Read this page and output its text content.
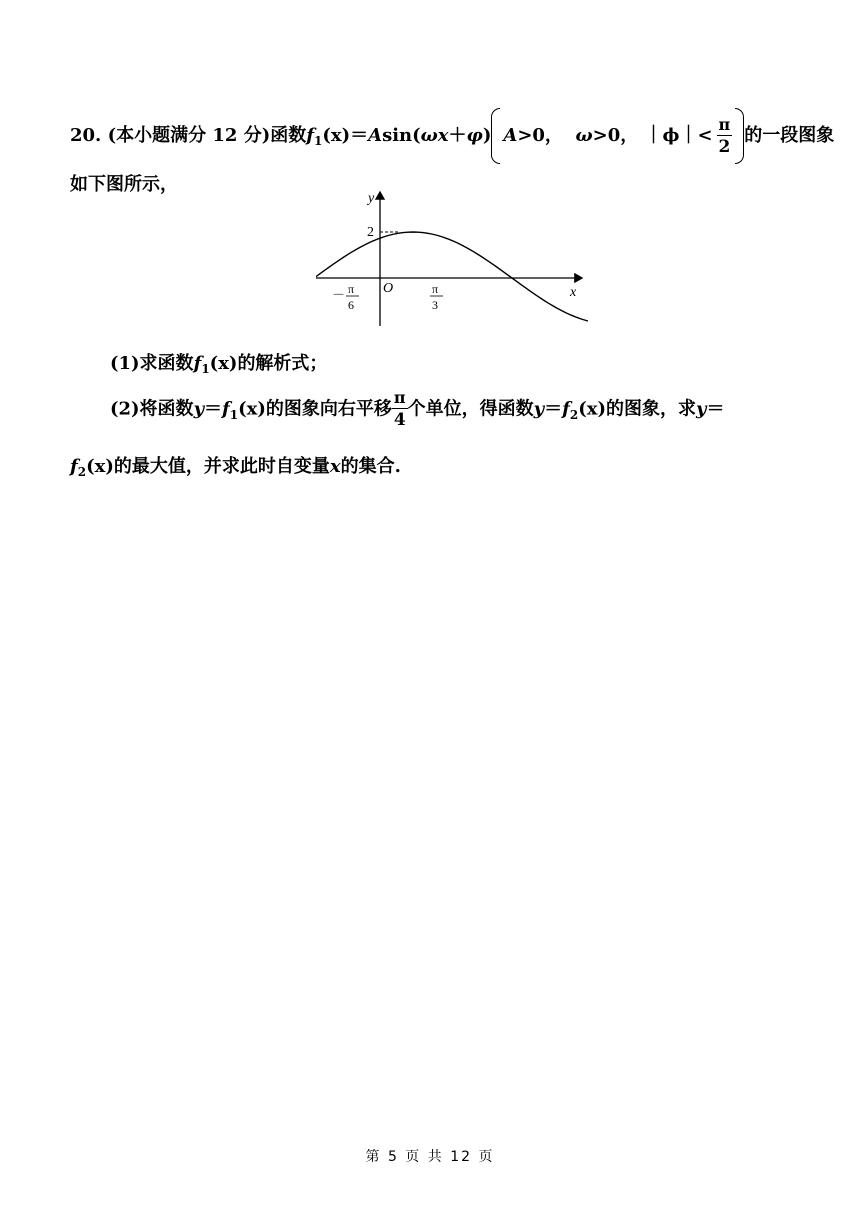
20. (本小题满分 12 分)函数$f_1(x)=Asin(\omega x+\varphi)$ A>0， ω>0， ｜ϕ｜< $\frac{\pi}{2}$ 的一段图象
如下图所示，
y
x
O
2
－ π
6
π
3
(1)求函数$f_1(x)$的解析式；
(2)将函数$y=f_1(x)$的图象向右平移 $\frac{\pi}{4}$ 个单位，得函数$y=f_2(x)$的图象，求y＝
$f_2(x)$的最大值，并求此时自变量x的集合.
第 5 页 共 12 页
